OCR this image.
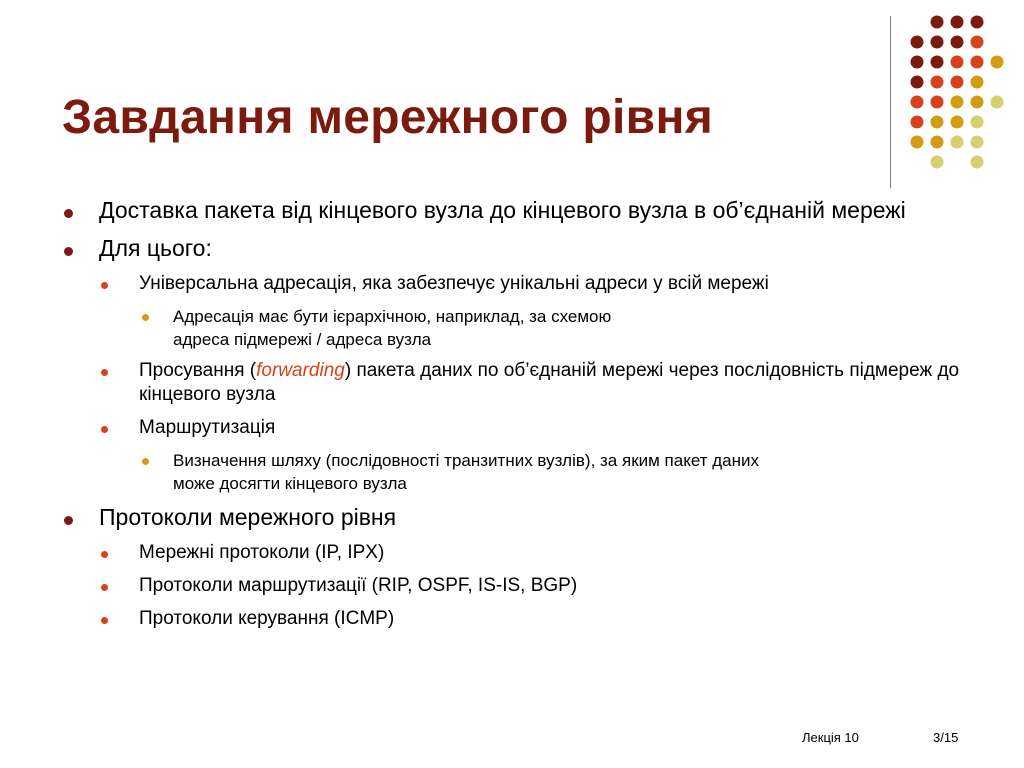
Завдання мережного рівня
Доставка пакета від кінцевого вузла до кінцевого вузла в об’єднаній мережі
Для цього:
Універсальна адресація, яка забезпечує унікальні адреси у всій мережі
Адресація має бути ієрархічною, наприклад, за схемою
адреса підмережі / адреса вузла
Просування (forwarding) пакета даних по об’єднаній мережі через послідовність підмереж до кінцевого вузла
Маршрутизація
Визначення шляху (послідовності транзитних вузлів), за яким пакет даних
може досягти кінцевого вузла
Протоколи мережного рівня
Мережні протоколи (IP, IPX)
Протоколи маршрутизації (RIP, OSPF, IS-IS, BGP)
Протоколи керування (ICMP)
Лекція 10	3/15
